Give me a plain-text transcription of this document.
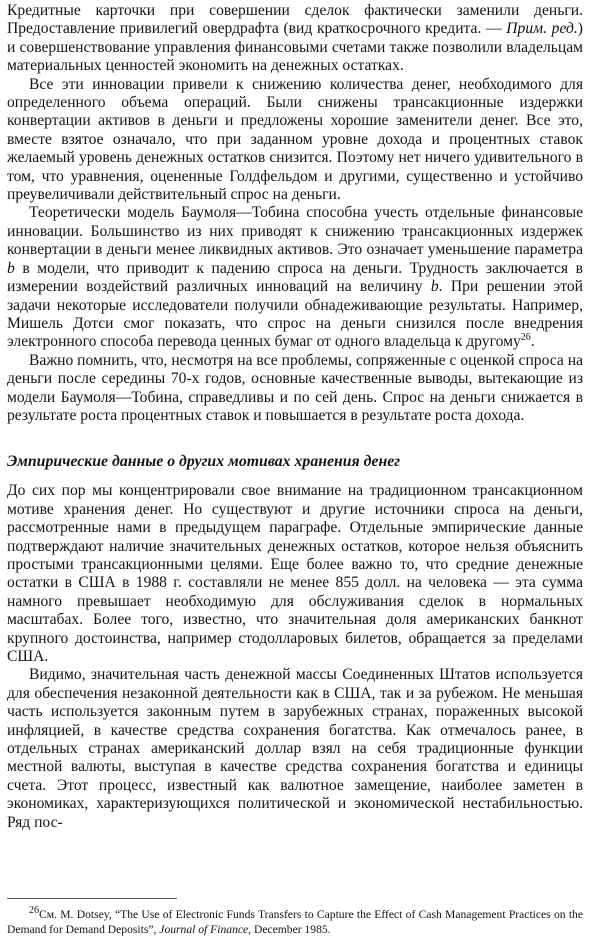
Кредитные карточки при совершении сделок фактически заменили деньги. Предоставление привилегий овердрафта (вид краткосрочного кредита. — Прим. ред.) и совершенствование управления финансовыми счетами также позволили владельцам материальных ценностей экономить на денежных остатках.

Все эти инновации привели к снижению количества денег, необходимого для определенного объема операций. Были снижены трансакционные издержки конвертации активов в деньги и предложены хорошие заменители денег. Все это, вместе взятое означало, что при заданном уровне дохода и процентных ставок желаемый уровень денежных остатков снизится. Поэтому нет ничего удивительного в том, что уравнения, оцененные Голдфельдом и другими, существенно и устойчиво преувеличивали действительный спрос на деньги.

Теоретически модель Баумоля—Тобина способна учесть отдельные финансовые инновации. Большинство из них приводят к снижению трансакционных издержек конвертации в деньги менее ликвидных активов. Это означает уменьшение параметра b в модели, что приводит к падению спроса на деньги. Трудность заключается в измерении воздействий различных инноваций на величину b. При решении этой задачи некоторые исследователи получили обнадеживающие результаты. Например, Мишель Дотси смог показать, что спрос на деньги снизился после внедрения электронного способа перевода ценных бумаг от одного владельца к другому$^{26}$.

Важно помнить, что, несмотря на все проблемы, сопряженные с оценкой спроса на деньги после середины 70-х годов, основные качественные выводы, вытекающие из модели Баумоля—Тобина, справедливы и по сей день. Спрос на деньги снижается в результате роста процентных ставок и повышается в результате роста дохода.

Эмпирические данные о других мотивах хранения денег

До сих пор мы концентрировали свое внимание на традиционном трансакционном мотиве хранения денег. Но существуют и другие источники спроса на деньги, рассмотренные нами в предыдущем параграфе. Отдельные эмпирические данные подтверждают наличие значительных денежных остатков, которое нельзя объяснить простыми трансакционными целями. Еще более важно то, что средние денежные остатки в США в 1988 г. составляли не менее 855 долл. на человека — эта сумма намного превышает необходимую для обслуживания сделок в нормальных масштабах. Более того, известно, что значительная доля американских банкнот крупного достоинства, например стодолларовых билетов, обращается за пределами США.

Видимо, значительная часть денежной массы Соединенных Штатов используется для обеспечения незаконной деятельности как в США, так и за рубежом. Не меньшая часть используется законным путем в зарубежных странах, пораженных высокой инфляцией, в качестве средства сохранения богатства. Как отмечалось ранее, в отдельных странах американский доллар взял на себя традиционные функции местной валюты, выступая в качестве средства сохранения богатства и единицы счета. Этот процесс, известный как валютное замещение, наиболее заметен в экономиках, характеризующихся политической и экономической нестабильностью. Ряд пос-

$^{26}$См. M. Dotsey, “The Use of Electronic Funds Transfers to Capture the Effect of Cash Management Practices on the Demand for Demand Deposits”, Journal of Finance, December 1985.
